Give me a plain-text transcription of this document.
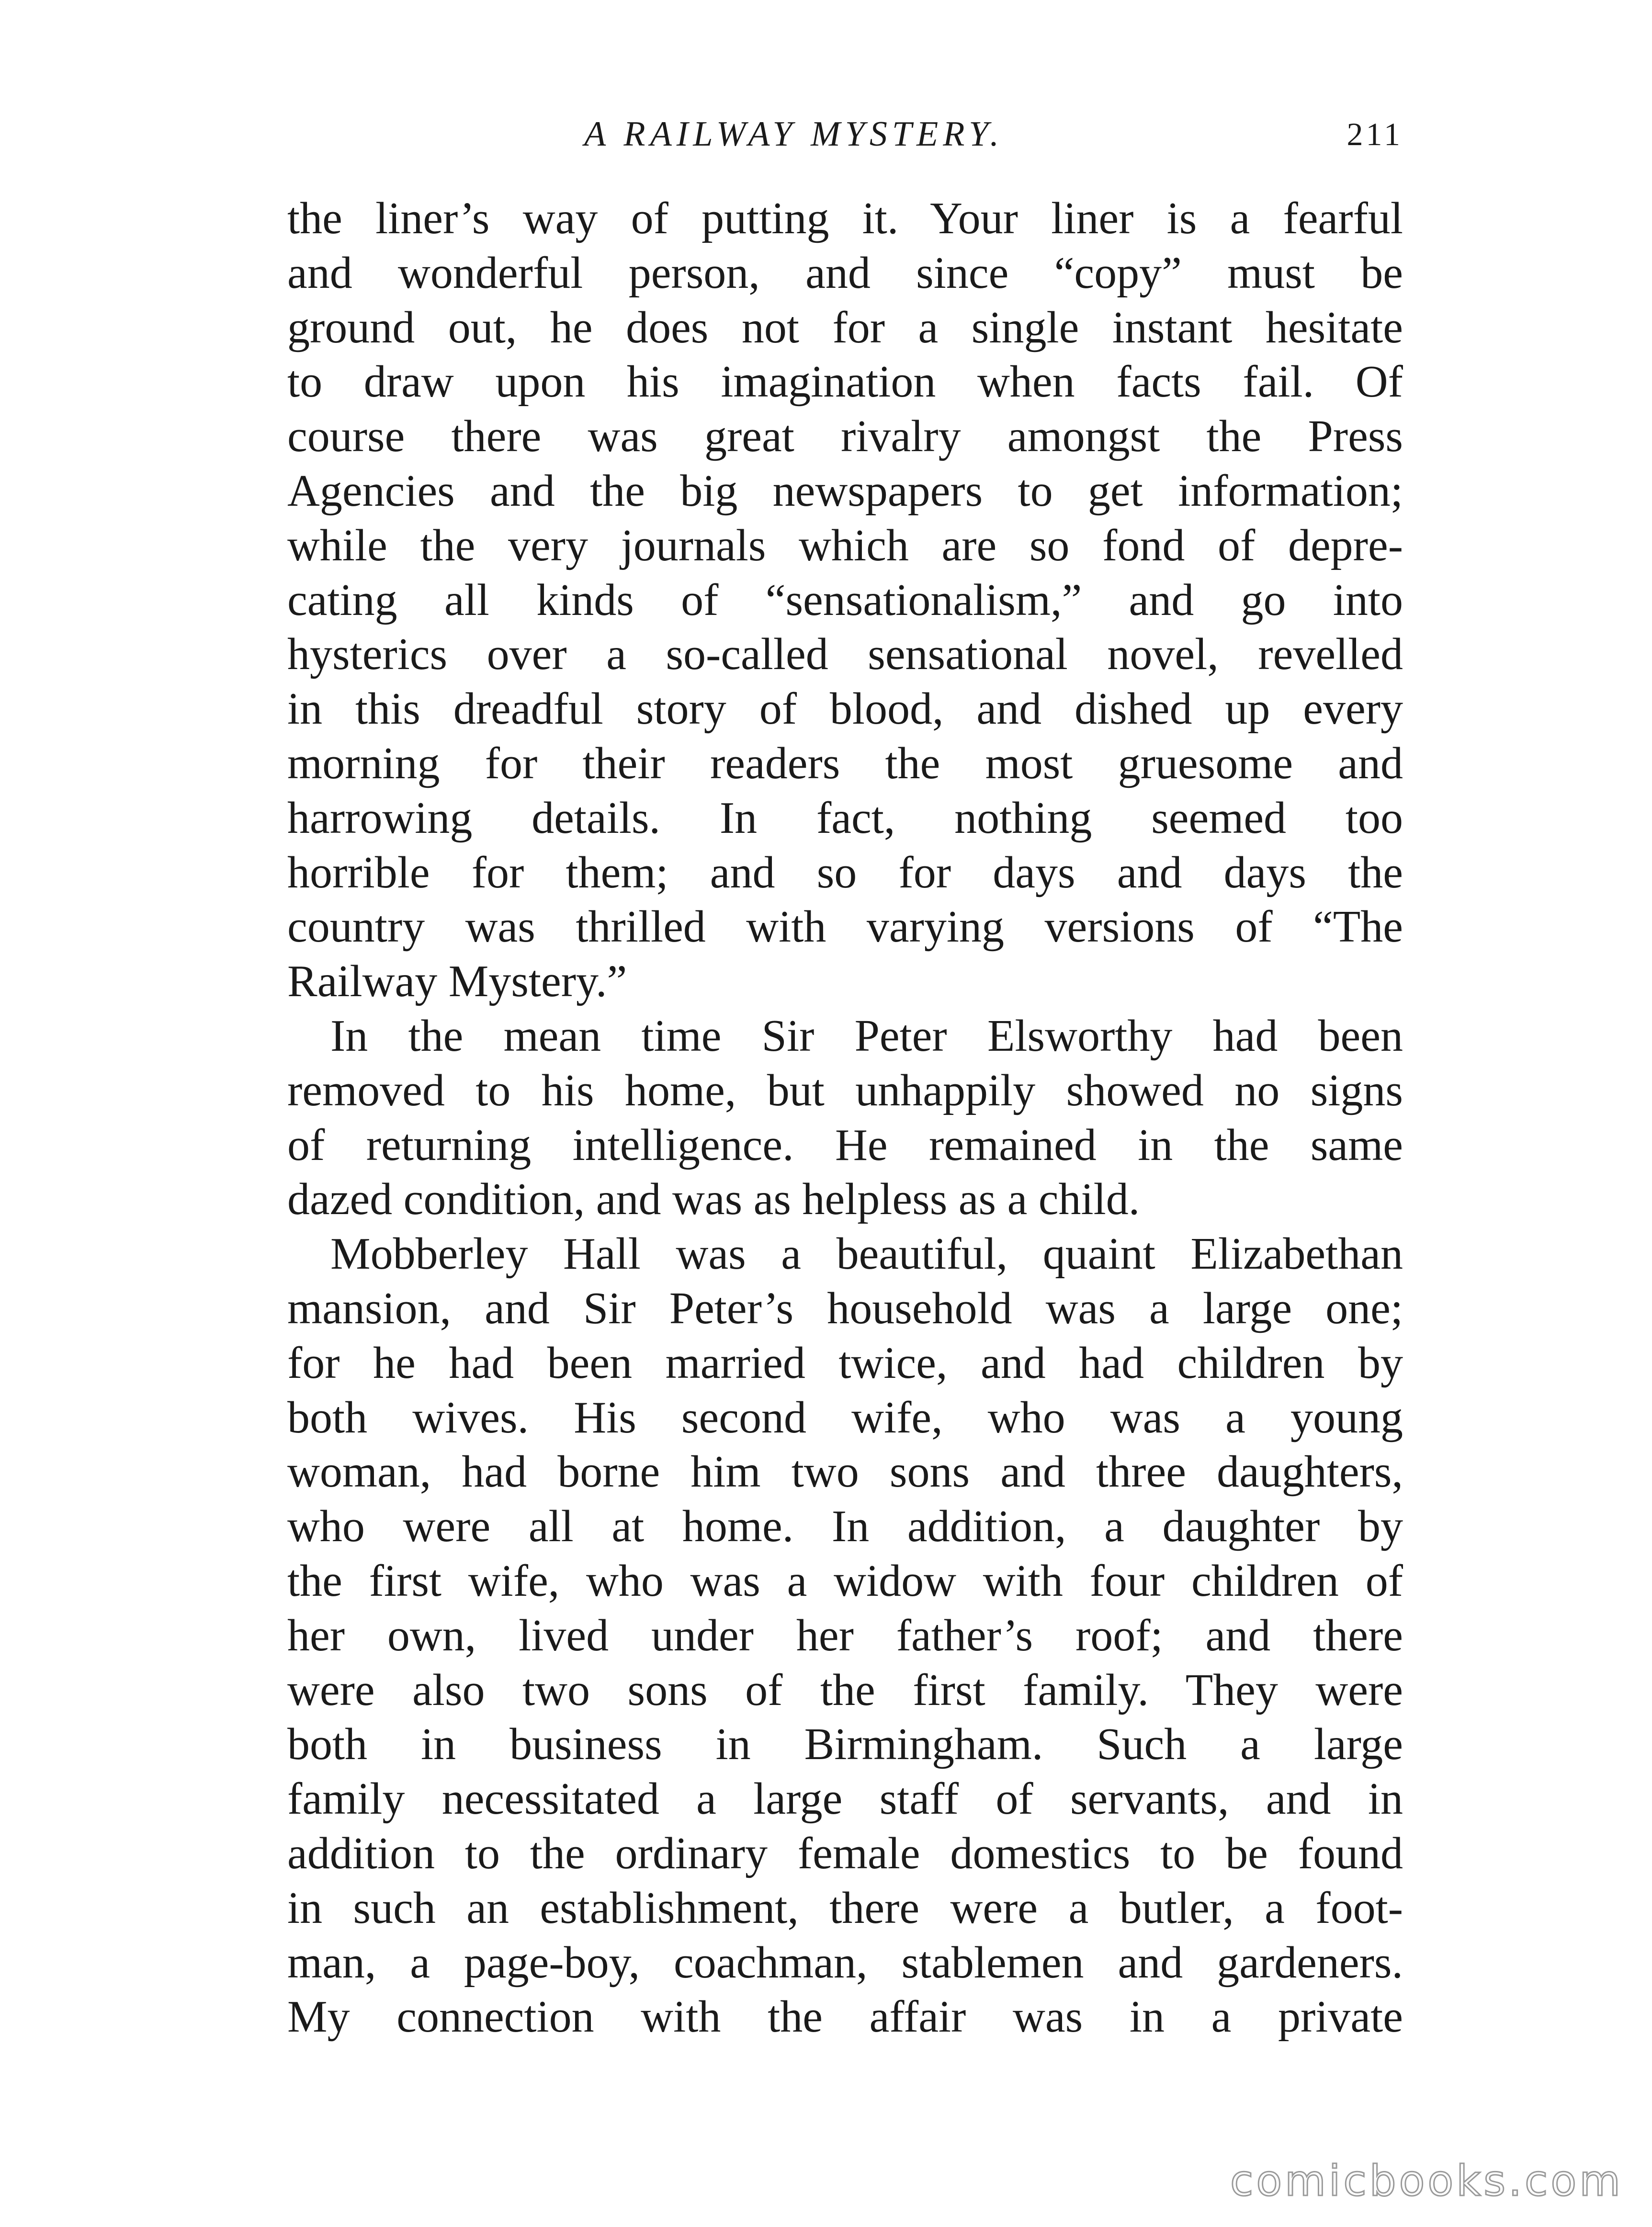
A RAILWAY MYSTERY.	211
the liner’s way of putting it. Your liner is a fearful
and wonderful person, and since “copy” must be
ground out, he does not for a single instant hesitate
to draw upon his imagination when facts fail. Of
course there was great rivalry amongst the Press
Agencies and the big newspapers to get information;
while the very journals which are so fond of depre-
cating all kinds of “sensationalism,” and go into
hysterics over a so-called sensational novel, revelled
in this dreadful story of blood, and dished up every
morning for their readers the most gruesome and
harrowing details. In fact, nothing seemed too
horrible for them; and so for days and days the
country was thrilled with varying versions of “The
Railway Mystery.”
In the mean time Sir Peter Elsworthy had been
removed to his home, but unhappily showed no signs
of returning intelligence. He remained in the same
dazed condition, and was as helpless as a child.
Mobberley Hall was a beautiful, quaint Elizabethan
mansion, and Sir Peter’s household was a large one;
for he had been married twice, and had children by
both wives. His second wife, who was a young
woman, had borne him two sons and three daughters,
who were all at home. In addition, a daughter by
the first wife, who was a widow with four children of
her own, lived under her father’s roof; and there
were also two sons of the first family. They were
both in business in Birmingham. Such a large
family necessitated a large staff of servants, and in
addition to the ordinary female domestics to be found
in such an establishment, there were a butler, a foot-
man, a page-boy, coachman, stablemen and gardeners.
My connection with the affair was in a private
comicbooks.com
